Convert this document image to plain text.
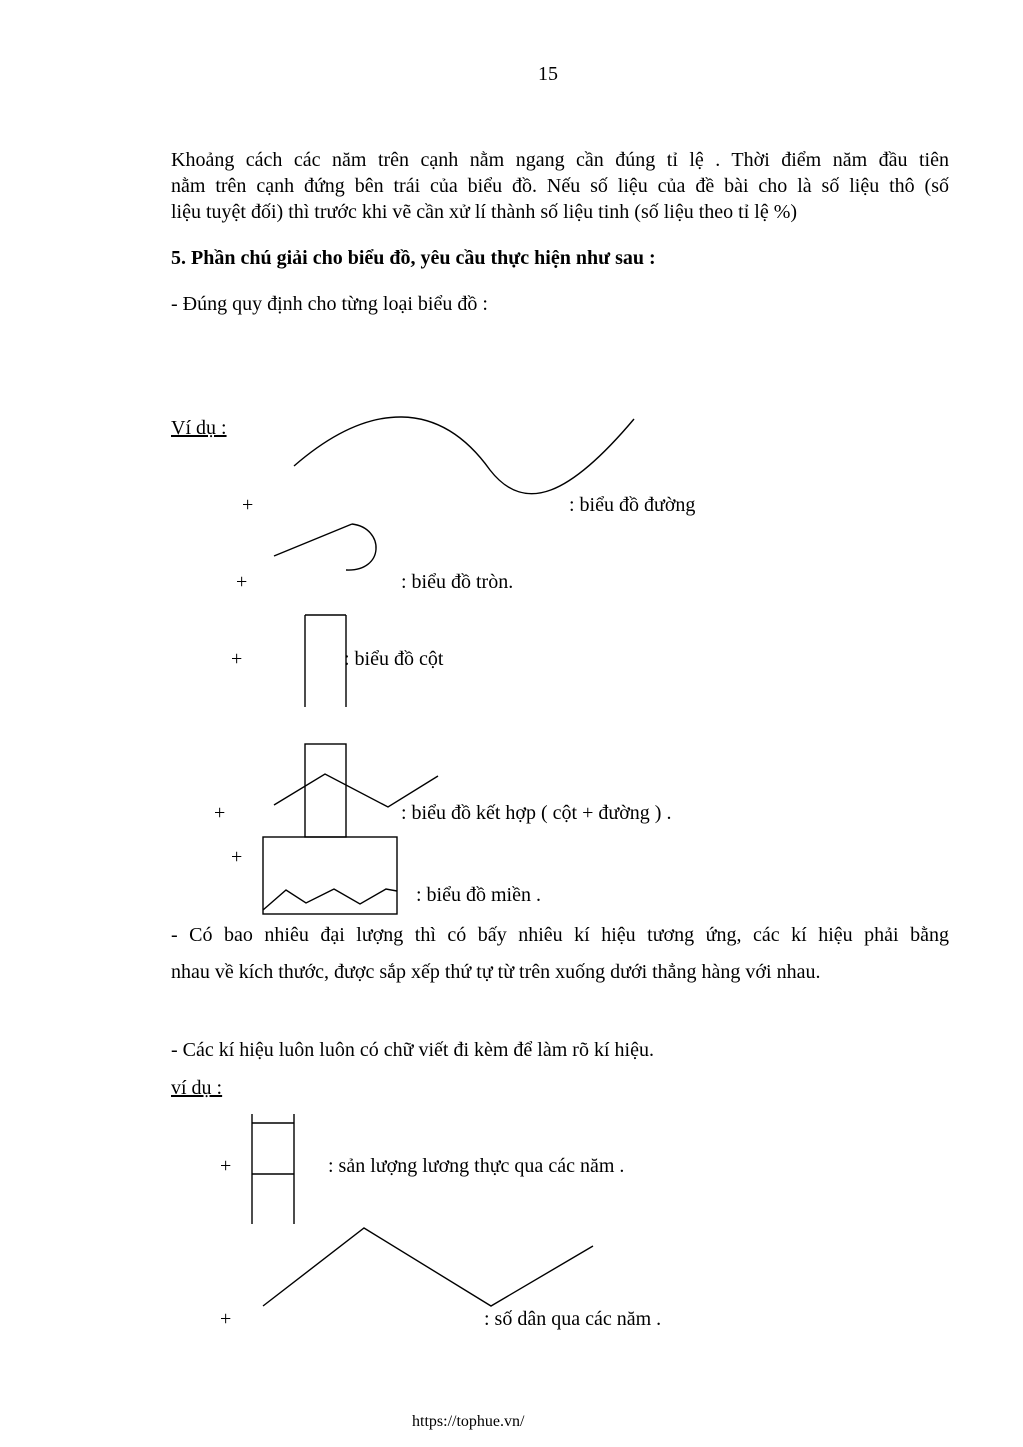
15
Khoảng cách các năm trên cạnh nằm ngang cần đúng tỉ lệ . Thời điểm năm đầu tiên
nằm trên cạnh đứng bên trái của biểu đồ. Nếu số liệu của đề bài cho là số liệu thô (số
liệu tuyệt đối) thì trước khi vẽ cần xử lí thành số liệu tinh (số liệu theo tỉ lệ %)
5. Phần chú giải cho biểu đồ, yêu cầu thực hiện như sau :
- Đúng quy định cho từng loại biểu đồ :
Ví dụ :
+	: biểu đồ đường
+	: biểu đồ tròn.
+	: biểu đồ cột
+	: biểu đồ kết hợp ( cột + đường ) .
+
: biểu đồ miền .
- Có bao nhiêu đại lượng thì có bấy nhiêu kí hiệu tương ứng, các kí hiệu phải bằng
nhau về kích thước, được sắp xếp thứ tự từ trên xuống dưới thẳng hàng với nhau.
- Các kí hiệu luôn luôn có chữ viết đi kèm để làm rõ kí hiệu.
ví dụ :
+	: sản lượng lương thực qua các năm .
+	: số dân qua các năm .
https://tophue.vn/
